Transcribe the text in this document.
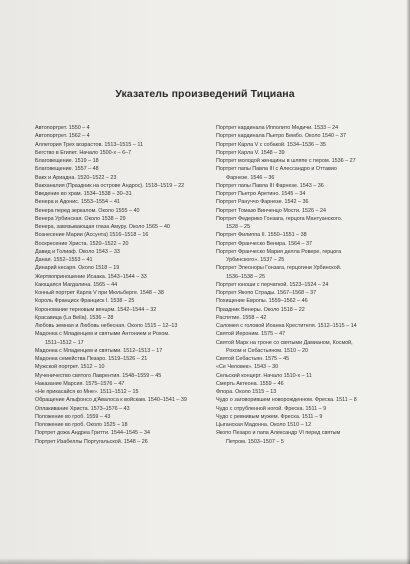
Указатель произведений Тициана
Автопортрет. 1550 – 4
Автопортрет. 1562 – 4
Аллегория Трех возрастов. 1513–1515 – 11
Бегство в Египет. Начало 1500-х – 6–7
Благовещение. 1519 – 18
Благовещение. 1557 – 48
Вакх и Ариадна. 1520–1522 – 23
Вакханалия (Праздник на острове Андрос). 1518–1519 – 22
Введение во храм. 1534–1538 – 30–31
Венера и Адонис. 1553–1554 – 41
Венера перед зеркалом. Около 1555 – 40
Венера Урбинская. Около 1538 – 29
Венера, завязывающая глаза Амуру. Около 1565 – 40
Вознесение Марии (Ассунта) 1516–1518 – 16
Воскресение Христа. 1520–1522 – 20
Давид и Голиаф. Около 1543 – 33
Даная. 1552–1553 – 41
Динарий кесаря. Около 1518 – 19
Жертвоприношение Исаака. 1543–1544 – 33
Кающаяся Магдалина. 1565 – 44
Конный портрет Карла V при Мюльберге. 1548 – 38
Король Франциск Франциск I. 1538 – 25
Коронование терновым венцом. 1542–1544 – 32
Красавица (La Bella). 1536 – 28
Любовь земная и Любовь небесная. Около 1515 – 12–13
Мадонна с Младенцем и святыми Антонием и Рохом.
1511–1512 – 17
Мадонна с Младенцем и святыми. 1512–1513 – 17
Мадонна семейства Пезаро. 1519–1526 – 21
Мужской портрет. 1512 – 10
Мученичество святого Лаврентия. 1548–1559 – 45
Наказание Марсия. 1575–1576 – 47
«Не прикасайся ко Мне». 1511–1512 – 15
Обращение Альфонсо д'Авалоса к войскам. 1540–1541 – 39
Оплакивание Христа. 1573–1576 – 43
Положение во гроб. 1559 – 43
Положение во гроб. Около 1525 – 18
Портрет дожа Андреа Гритти. 1544–1545 – 34
Портрет Изабеллы Португальской. 1548 – 26
Портрет кардинала Ипполито Медичи. 1533 – 24
Портрет кардинала Пьетро Бембо. Около 1540 – 37
Портрет Карла V с собакой. 1534–1536 – 35
Портрет Карла V. 1548 – 39
Портрет молодой женщины в шляпе с пером. 1536 – 27
Портрет папы Павла III с Алессандро и Оттавио
Фарнезе. 1546 – 36
Портрет папы Павла III Фарнезе. 1543 – 36
Портрет Пьетро Аретино. 1545 – 34
Портрет Рануччо Фарнезе. 1542 – 36
Портрет Томазо Винченцо Мости. 1526 – 24
Портрет Федерико Гонзага, герцога Мантуанского.
1528 – 25
Портрет Филиппа II. 1550–1551 – 38
Портрет Франческо Венира. 1564 – 37
Портрет Франческо Мария делла Ровере, герцога
Урбинского». 1537 – 25
Портрет Элеоноры Гонзага, герцогини Урбинской.
1536–1538 – 25
Портрет юноши с перчаткой. 1523–1524 – 24
Портрет Якопо Страды. 1567–1568 – 37
Похищение Европы. 1559–1562 – 46
Праздник Венеры. Около 1518 – 22
Распятие. 1558 – 42
Саломея с головой Иоанна Крестителя. 1512–1515 – 14
Святой Иероним. 1575 – 47
Святой Марк на троне со святыми Дамианом, Космой,
Рохом и Себастьяном. 1510 – 20
Святой Себастьян. 1575 – 45
«Се Человек». 1543 – 30
Сельский концерт. Начало 1510-х – 11
Смерть Актеона. 1559 – 46
Флора. Около 1515 – 13
Чудо о заговорившем новорожденном. Фреска. 1511 – 8
Чудо с отрубленной ногой. Фреска. 1511 – 9
Чудо с ревнивым мужем. Фреска. 1511 – 9
Цыганская Мадонна. Около 1510 – 12
Якопо Пезаро и папа Александр VI перед святым
Петром. 1503–1507 – 5
